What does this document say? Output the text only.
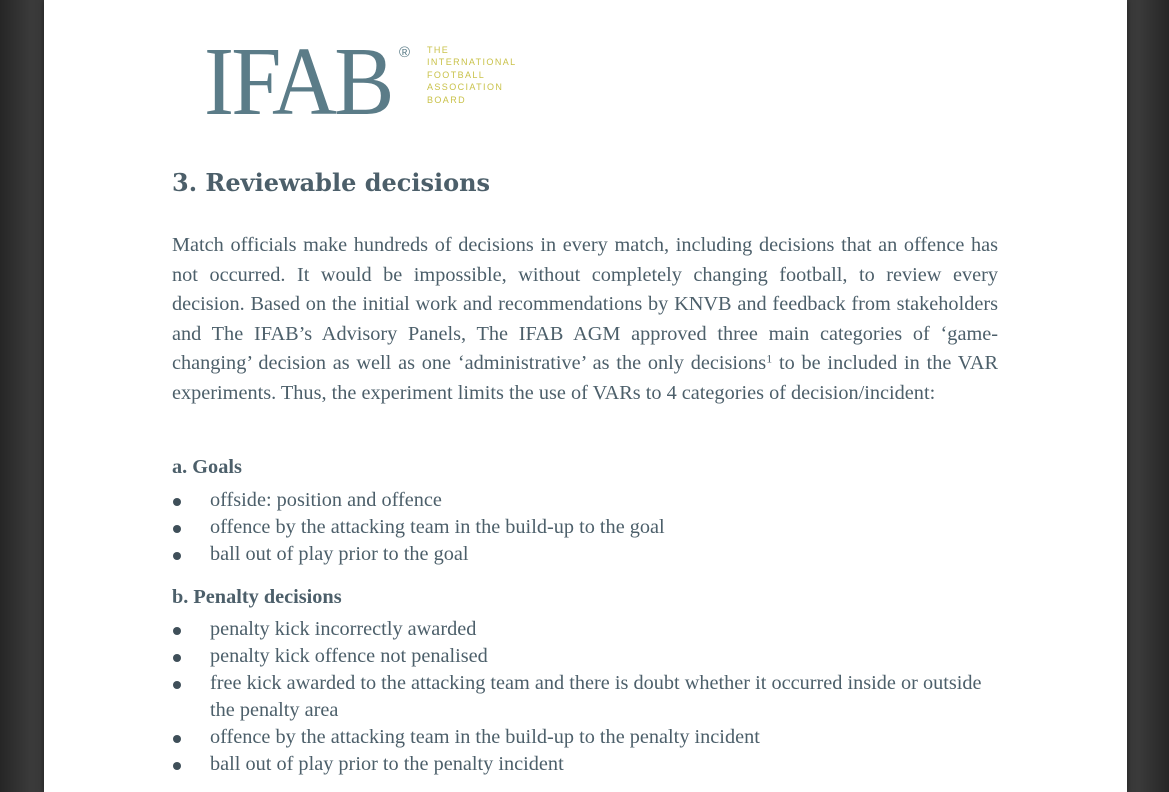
IFAB ® THE
INTERNATIONAL
FOOTBALL
ASSOCIATION
BOARD
3. Reviewable decisions

Match officials make hundreds of decisions in every match, including decisions that an offence has not occurred. It would be impossible, without completely changing football, to review every decision. Based on the initial work and recommendations by KNVB and feedback from stakeholders and The IFAB’s Advisory Panels, The IFAB AGM approved three main categories of ‘game-changing’ decision as well as one ‘administrative’ as the only decisions$^1$ to be included in the VAR experiments. Thus, the experiment limits the use of VARs to 4 categories of decision/incident:

a. Goals
offside: position and offence
offence by the attacking team in the build-up to the goal
ball out of play prior to the goal
b. Penalty decisions
penalty kick incorrectly awarded
penalty kick offence not penalised
free kick awarded to the attacking team and there is doubt whether it occurred inside or outside the penalty area
offence by the attacking team in the build-up to the penalty incident
ball out of play prior to the penalty incident
